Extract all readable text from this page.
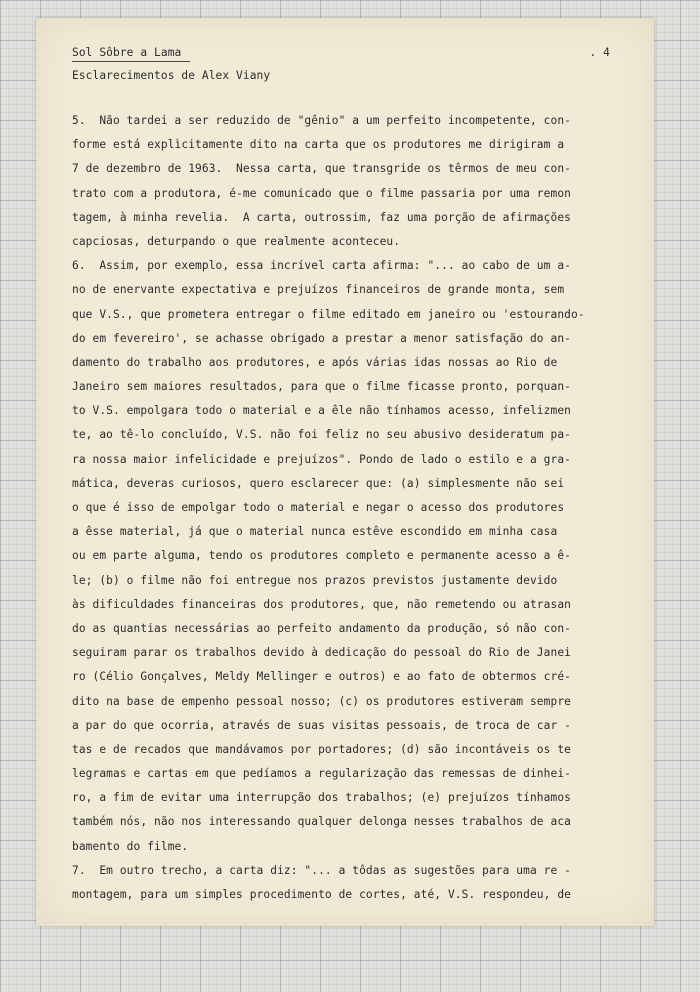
Sol Sôbre a Lama	. 4
Esclarecimentos de Alex Viany
5.  Não tardei a ser reduzido de "gênio" a um perfeito incompetente, con-
forme está explìcitamente dito na carta que os produtores me dirigiram a
7 de dezembro de 1963.  Nessa carta, que transgride os têrmos de meu con-
trato com a produtora, é-me comunicado que o filme passaria por uma remon
tagem, à minha revelia.  A carta, outrossim, faz uma porção de afirmações
capciosas, deturpando o que realmente aconteceu.
6.  Assim, por exemplo, essa incrível carta afirma: "... ao cabo de um a-
no de enervante expectativa e prejuízos financeiros de grande monta, sem
que V.S., que prometera entregar o filme editado em janeiro ou 'estourando-
do em fevereiro', se achasse obrigado a prestar a menor satisfação do an-
damento do trabalho aos produtores, e após várias idas nossas ao Rio de
Janeiro sem maiores resultados, para que o filme ficasse pronto, porquan-
to V.S. empolgara todo o material e a êle não tínhamos acesso, infelizmen
te, ao tê-lo concluído, V.S. não foi feliz no seu abusivo desideratum pa-
ra nossa maior infelicidade e prejuízos". Pondo de lado o estilo e a gra-
mática, deveras curiosos, quero esclarecer que: (a) simplesmente não sei
o que é isso de empolgar todo o material e negar o acesso dos produtores
a êsse material, já que o material nunca estêve escondido em minha casa
ou em parte alguma, tendo os produtores completo e permanente acesso a ê-
le; (b) o filme não foi entregue nos prazos previstos justamente devido
às dificuldades financeiras dos produtores, que, não remetendo ou atrasan
do as quantias necessárias ao perfeito andamento da produção, só não con-
seguiram parar os trabalhos devido à dedicação do pessoal do Rio de Janei
ro (Célio Gonçalves, Meldy Mellinger e outros) e ao fato de obtermos cré-
dito na base de empenho pessoal nosso; (c) os produtores estiveram sempre
a par do que ocorria, através de suas visitas pessoais, de troca de car -
tas e de recados que mandávamos por portadores; (d) são incontáveis os te
legramas e cartas em que pedíamos a regularização das remessas de dinhei-
ro, a fim de evitar uma interrupção dos trabalhos; (e) prejuízos tínhamos
também nós, não nos interessando qualquer delonga nesses trabalhos de aca
bamento do filme.
7.  Em outro trecho, a carta diz: "... a tôdas as sugestões para uma re -
montagem, para um simples procedimento de cortes, até, V.S. respondeu, de
